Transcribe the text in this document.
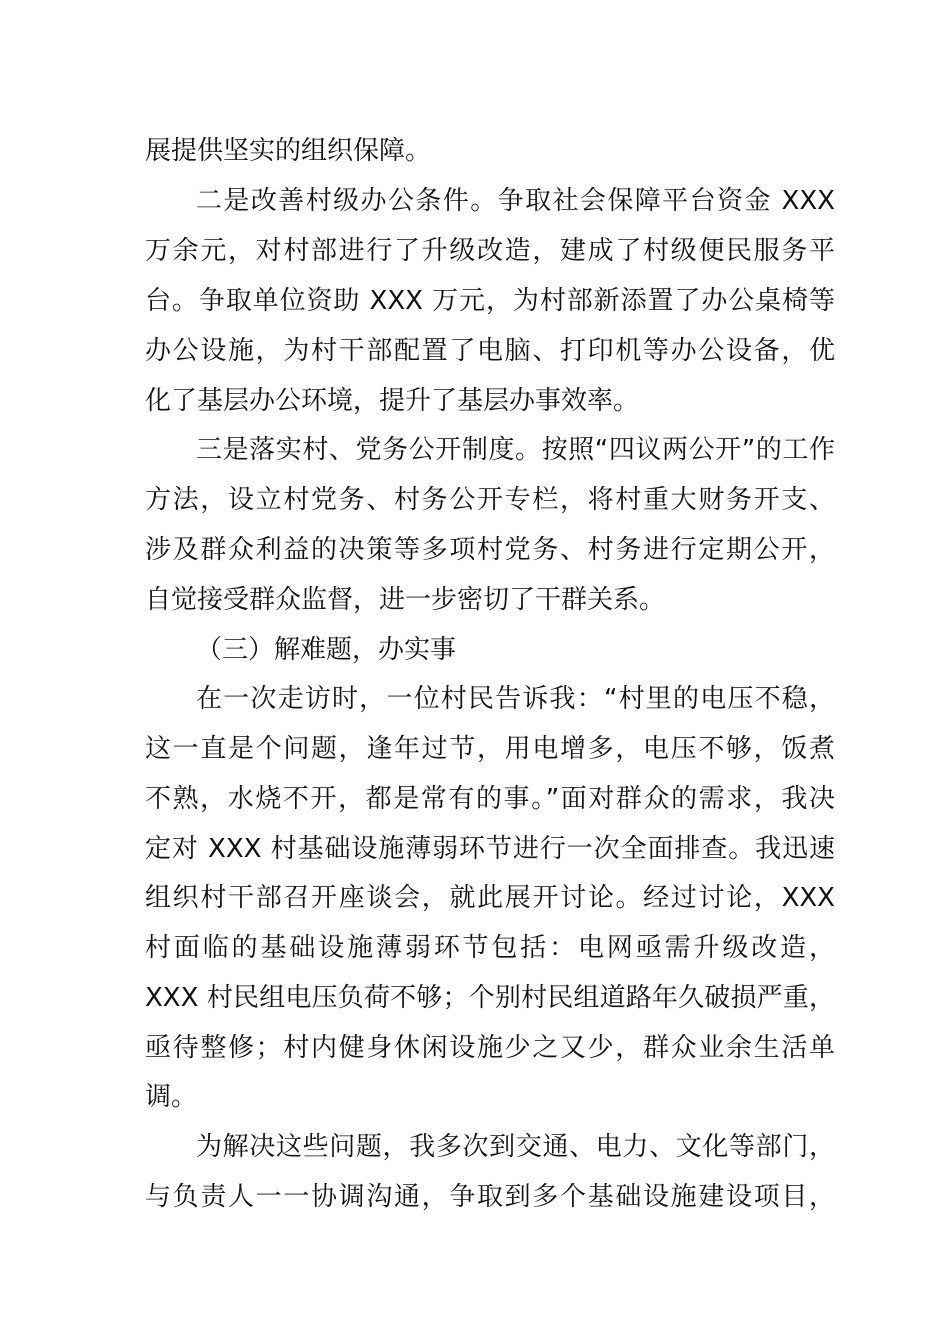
展提供坚实的组织保障。
二是改善村级办公条件。争取社会保障平台资金 XXX
万余元，对村部进行了升级改造，建成了村级便民服务平
台。争取单位资助 XXX 万元，为村部新添置了办公桌椅等
办公设施，为村干部配置了电脑、打印机等办公设备，优
化了基层办公环境，提升了基层办事效率。
三是落实村、党务公开制度。按照“四议两公开”的工作
方法，设立村党务、村务公开专栏，将村重大财务开支、
涉及群众利益的决策等多项村党务、村务进行定期公开，
自觉接受群众监督，进一步密切了干群关系。
（三）解难题，办实事
在一次走访时，一位村民告诉我：“村里的电压不稳，
这一直是个问题，逢年过节，用电增多，电压不够，饭煮
不熟，水烧不开，都是常有的事。”面对群众的需求，我决
定对 XXX 村基础设施薄弱环节进行一次全面排查。我迅速
组织村干部召开座谈会，就此展开讨论。经过讨论，XXX
村面临的基础设施薄弱环节包括：电网亟需升级改造，
XXX 村民组电压负荷不够；个别村民组道路年久破损严重，
亟待整修；村内健身休闲设施少之又少，群众业余生活单
调。
为解决这些问题，我多次到交通、电力、文化等部门，
与负责人一一协调沟通，争取到多个基础设施建设项目，
